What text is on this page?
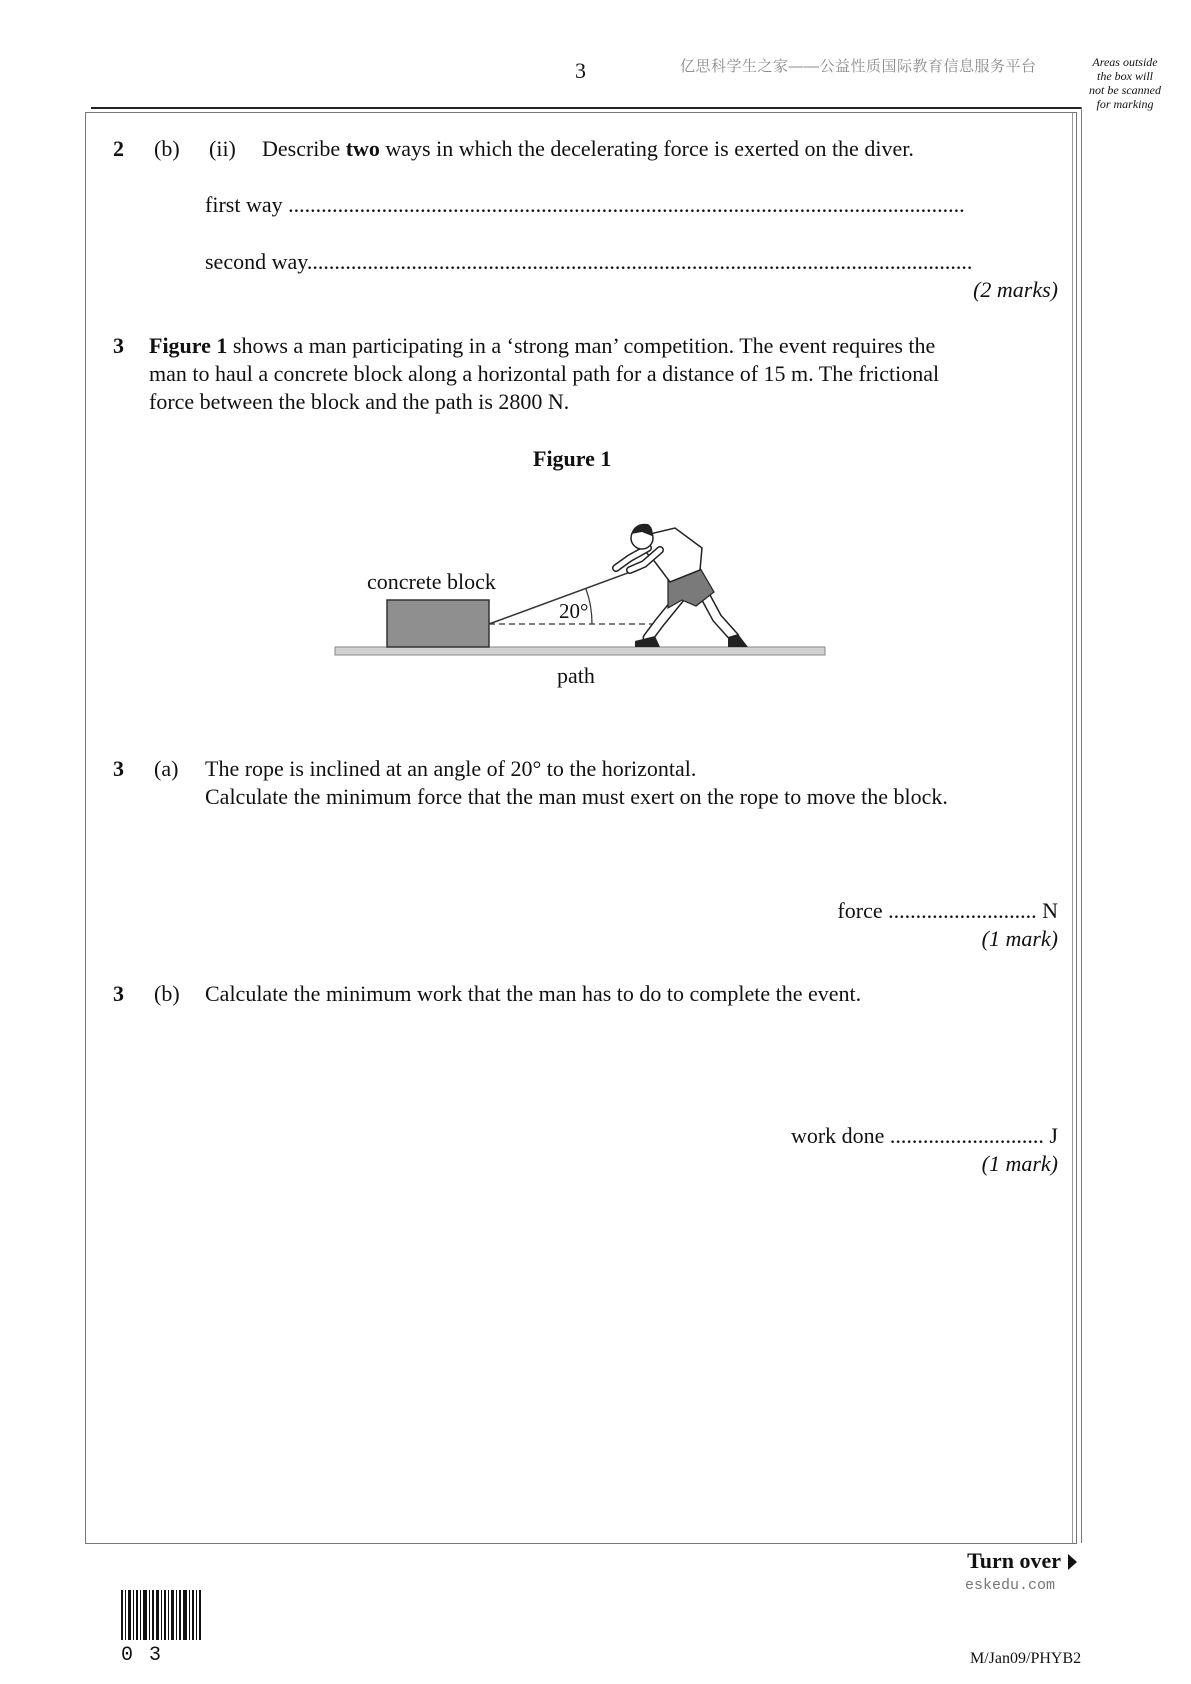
3	亿思科学生之家——公益性质国际教育信息服务平台	Areas outside
the box will
not be scanned
for marking
2 (b) (ii) Describe two ways in which the decelerating force is exerted on the diver.
first way ...........................................................................................................................
second way.........................................................................................................................
(2 marks)
3 Figure 1 shows a man participating in a ‘strong man’ competition. The event requires the
man to haul a concrete block along a horizontal path for a distance of 15 m. The frictional
force between the block and the path is 2800 N.
Figure 1
concrete block
20°
path
3 (a) The rope is inclined at an angle of 20° to the horizontal.
Calculate the minimum force that the man must exert on the rope to move the block.
force ........................... N
(1 mark)
3 (b) Calculate the minimum work that the man has to do to complete the event.
work done ............................ J
(1 mark)
Turn over
eskedu.com
0 3	M/Jan09/PHYB2
